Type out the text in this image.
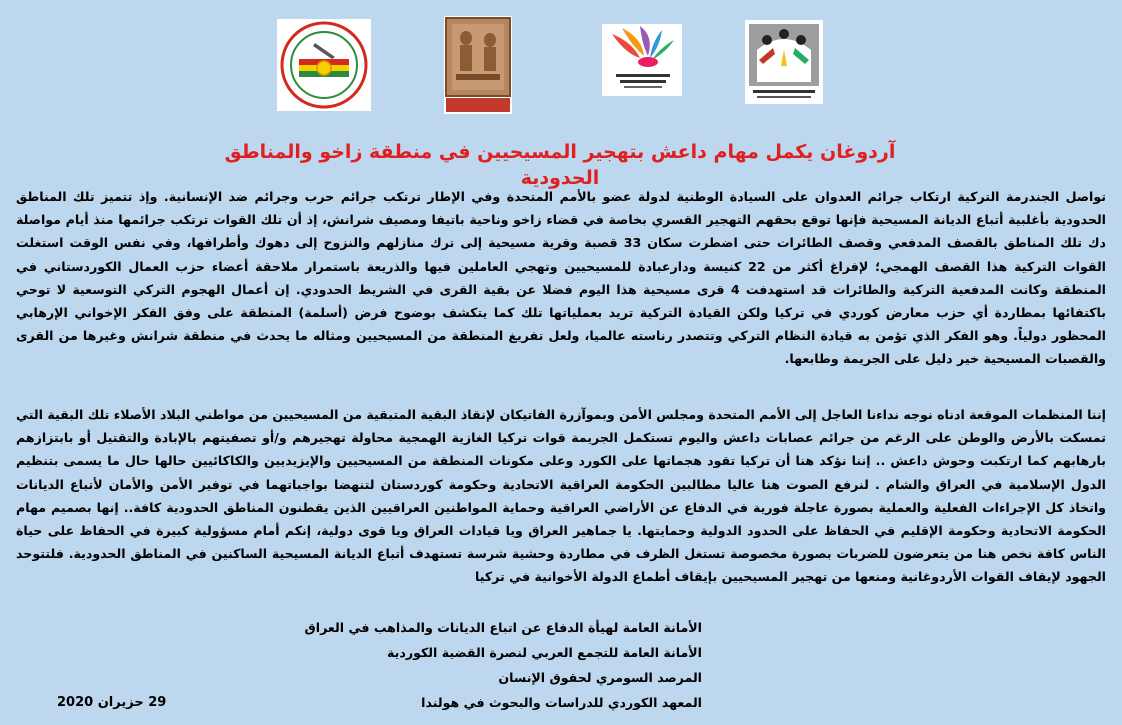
آردوغان يكمل مهام داعش بتهجير المسيحيين في منطقة زاخو والمناطق الحدودية
تواصل الجندرمة التركية ارتكاب جرائم العدوان على السيادة الوطنية لدولة عضو بالأمم المتحدة وفي الإطار ترتكب جرائم حرب وجرائم ضد الإنسانية. وإذ تتميز تلك المناطق الحدودية بأغلبية أتباع الديانة المسيحية فإنها توقع بحقهم التهجير القسري بخاصة في قضاء زاخو وناحية باتيفا ومصيف شرانش، إذ أن تلك القوات ترتكب جرائمها منذ أيام مواصلة دك تلك المناطق بالقصف المدفعي وقصف الطائرات حتى اضطرت سكان 33 قصبة وقرية مسيحية إلى ترك منازلهم والنزوح إلى دهوك وأطرافها، وفي نفس الوقت استغلت القوات التركية هذا القصف الهمجي؛ لإفراغ أكثر من 22 كنيسة ودارعبادة للمسيحيين وتهجي العاملين فيها والذريعة باستمرار ملاحقة أعضاء حزب العمال الكوردستاني في المنطقة وكانت المدفعية التركية والطائرات قد استهدفت 4 قرى مسيحية هذا اليوم فضلا عن بقية القرى في الشريط الحدودي. إن أعمال الهجوم التركي التوسعية لا توحي باكتفائها بمطاردة أي حزب معارض كوردي في تركيا ولكن القيادة التركية تريد بعملياتها تلك كما يتكشف بوضوح فرض (أسلمة) المنطقة على وفق الفكر الإخواني الإرهابي المحظور دولياً. وهو الفكر الذي تؤمن به قيادة النظام التركي وتتصدر رناسته عالميا، ولعل تفريغ المنطقة من المسيحيين ومثاله ما يحدث في منطقة شرانش وغيرها من القرى والقصبات المسيحية خير دليل على الجريمة وطابعها.
إننا المنظمات الموقعة ادناه نوجه نداءنا العاجل إلى الأمم المتحدة ومجلس الأمن وبموآزرة الفاتيكان لإنقاذ البقية المتبقية من المسيحيين من مواطني البلاد الأصلاء تلك البقية التي تمسكت بالأرض والوطن على الرغم من جرائم عصابات داعش واليوم تستكمل الجريمة قوات تركيا الغازية الهمجية محاولة تهجيرهم و/أو تصفيتهم بالإبادة والتقتيل أو بابتزازهم بارهابهم كما ارتكبت وحوش داعش .. إننا نؤكد هنا أن تركيا تقود هجماتها على الكورد وعلى مكونات المنطقة من المسيحيين والإيزيديين والكاكائيين حالها حال ما يسمى بتنظيم الدول الإسلامية في العراق والشام . لنرفع الصوت هنا عاليا مطالبين الحكومة العراقية الاتحادية وحكومة كوردستان لتنهضا بواجباتهما في توفير الأمن والأمان لأتباع الديانات واتخاذ كل الإجراءات الفعلية والعملية بصورة عاجلة فورية في الدفاع عن الأراضي العراقية وحماية المواطنين العراقيين الذين يقطنون المناطق الحدودية كافة.. إنها بصميم مهام الحكومة الاتحادية وحكومة الإقليم في الحفاظ على الحدود الدولية وحمايتها. يا جماهير العراق ويا قيادات العراق ويا قوى دولية، إنكم أمام مسؤولية كبيرة في الحفاظ على حياة الناس كافة نخص هنا من يتعرضون للضربات بصورة مخصوصة تستغل الظرف في مطاردة وحشية شرسة تستهدف أتباع الديانة المسيحية الساكنين في المناطق الحدودية. فلتتوحد الجهود لإيقاف القوات الأردوغانية ومنعها من تهجير المسيحيين بإيقاف أطماع الدولة الأخوانية في تركيا
الأمانة العامة لهيأة الدفاع عن اتباع الديانات والمذاهب في العراق
الأمانة العامة للتجمع العربي لنصرة القضية الكوردية
المرصد السومري لحقوق الإنسان
المعهد الكوردي للدراسات والبحوث في هولندا
29 حزيران 2020
